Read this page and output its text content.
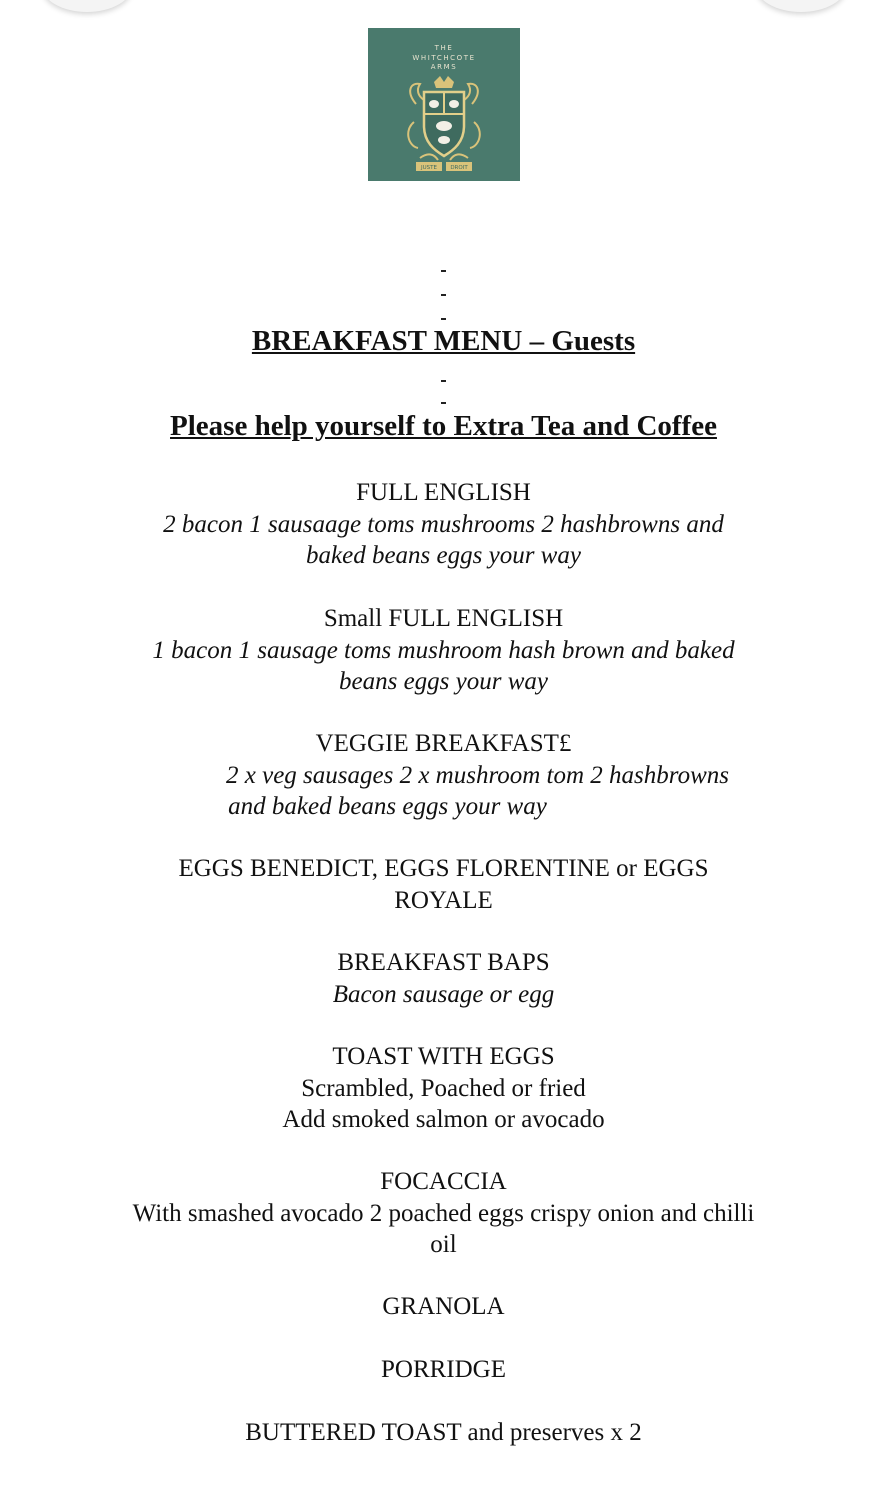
THE
WHITCHCOTE
ARMS
JUSTE DROIT
BREAKFAST MENU – Guests
Please help yourself to Extra Tea and Coffee
FULL ENGLISH
2 bacon 1 sausaage toms mushrooms 2 hashbrowns and
baked beans eggs your way
Small FULL ENGLISH
1 bacon 1 sausage toms mushroom hash brown and baked
beans eggs your way
VEGGIE BREAKFAST£
2 x veg sausages 2 x mushroom tom 2 hashbrowns
and baked beans eggs your way
EGGS BENEDICT, EGGS FLORENTINE or EGGS
ROYALE
BREAKFAST BAPS
Bacon sausage or egg
TOAST WITH EGGS
Scrambled, Poached or fried
Add smoked salmon or avocado
FOCACCIA
With smashed avocado 2 poached eggs crispy onion and chilli
oil
GRANOLA
PORRIDGE
BUTTERED TOAST and preserves x 2
